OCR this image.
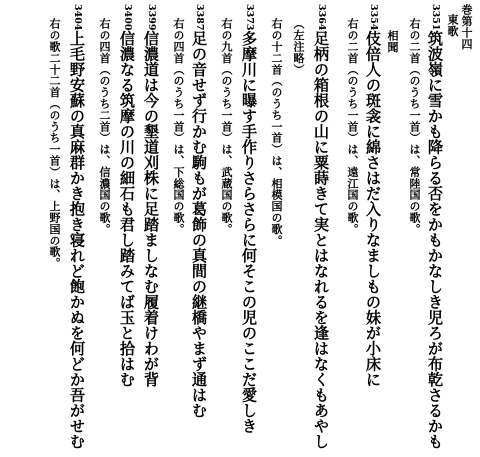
巻第十四
東歌
3351筑波嶺に雪かも降らる否をかもかなしき児ろが布乾さるかも
右の二首（のうち一首）は、常陸国の歌。
相聞
3354伎倍人の斑衾に綿さはだ入りなましもの妹が小床に
右の二首（のうち一首）は、遠江国の歌。
3364足柄の箱根の山に粟蒔きて実とはなれるを逢はなくもあやし
（左注略）
右の十二首（のうち一首）は、相模国の歌。
3373多摩川に曝す手作りさらさらに何そこの児のここだ愛しき
右の九首（のうち一首）は、武蔵国の歌。
3387足の音せず行かむ駒もが葛飾の真間の継橋やまず通はむ
右の四首（のうち一首）は、下総国の歌。
3399信濃道は今の墾道刈株に足踏ましなむ履着けわが背
3400信濃なる筑摩の川の細石も君し踏みてば玉と拾はむ
右の四首（のうち二首）は、信濃国の歌。
3404上毛野安蘇の真麻群かき抱き寝れど飽かぬを何どか吾がせむ
右の歌二十二首（のうち一首）は、上野国の歌。
